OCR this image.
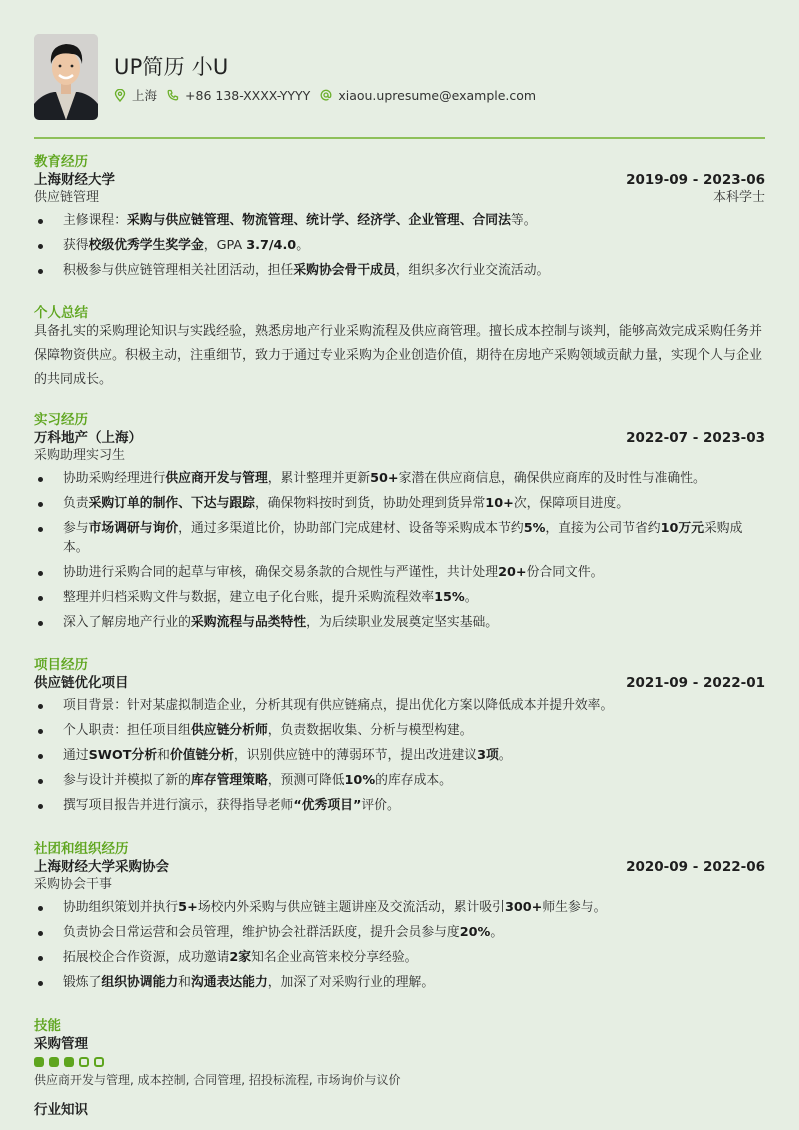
UP简历 小U
上海 +86 138-XXXX-YYYY xiaou.upresume@example.com
教育经历
上海财经大学	2019-09 - 2023-06
供应链管理	本科学士
主修课程：采购与供应链管理、物流管理、统计学、经济学、企业管理、合同法等。
获得校级优秀学生奖学金，GPA 3.7/4.0。
积极参与供应链管理相关社团活动，担任采购协会骨干成员，组织多次行业交流活动。
个人总结
具备扎实的采购理论知识与实践经验，熟悉房地产行业采购流程及供应商管理。擅长成本控制与谈判，能够高效完成采购任务并保障物资供应。积极主动，注重细节，致力于通过专业采购为企业创造价值，期待在房地产采购领域贡献力量，实现个人与企业的共同成长。
实习经历
万科地产（上海）	2022-07 - 2023-03
采购助理实习生
协助采购经理进行供应商开发与管理，累计整理并更新50+家潜在供应商信息，确保供应商库的及时性与准确性。
负责采购订单的制作、下达与跟踪，确保物料按时到货，协助处理到货异常10+次，保障项目进度。
参与市场调研与询价，通过多渠道比价，协助部门完成建材、设备等采购成本节约5%，直接为公司节省约10万元采购成本。
协助进行采购合同的起草与审核，确保交易条款的合规性与严谨性，共计处理20+份合同文件。
整理并归档采购文件与数据，建立电子化台账，提升采购流程效率15%。
深入了解房地产行业的采购流程与品类特性，为后续职业发展奠定坚实基础。
项目经历
供应链优化项目	2021-09 - 2022-01
项目背景：针对某虚拟制造企业，分析其现有供应链痛点，提出优化方案以降低成本并提升效率。
个人职责：担任项目组供应链分析师，负责数据收集、分析与模型构建。
通过SWOT分析和价值链分析，识别供应链中的薄弱环节，提出改进建议3项。
参与设计并模拟了新的库存管理策略，预测可降低10%的库存成本。
撰写项目报告并进行演示，获得指导老师“优秀项目”评价。
社团和组织经历
上海财经大学采购协会	2020-09 - 2022-06
采购协会干事
协助组织策划并执行5+场校内外采购与供应链主题讲座及交流活动，累计吸引300+师生参与。
负责协会日常运营和会员管理，维护协会社群活跃度，提升会员参与度20%。
拓展校企合作资源，成功邀请2家知名企业高管来校分享经验。
锻炼了组织协调能力和沟通表达能力，加深了对采购行业的理解。
技能
采购管理
供应商开发与管理, 成本控制, 合同管理, 招投标流程, 市场询价与议价
行业知识
